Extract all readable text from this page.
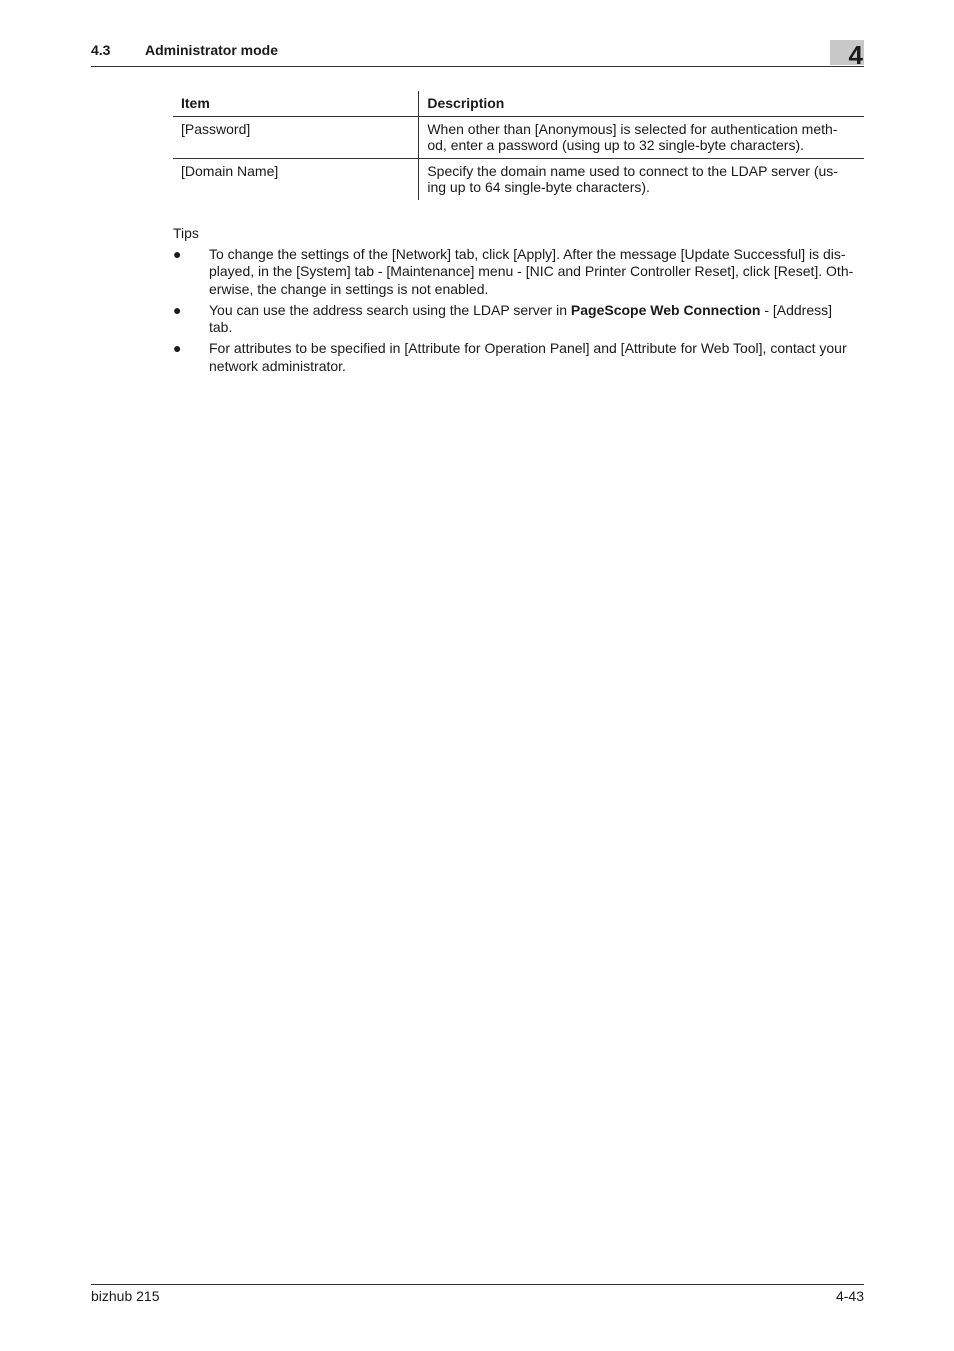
4.3 Administrator mode	4
Item	Description
[Password]	When other than [Anonymous] is selected for authentication meth-
od, enter a password (using up to 32 single-byte characters).
[Domain Name]	Specify the domain name used to connect to the LDAP server (us-
ing up to 64 single-byte characters).
Tips
● To change the settings of the [Network] tab, click [Apply]. After the message [Update Successful] is dis-
played, in the [System] tab - [Maintenance] menu - [NIC and Printer Controller Reset], click [Reset]. Oth-
erwise, the change in settings is not enabled.
● You can use the address search using the LDAP server in PageScope Web Connection - [Address]
tab.
● For attributes to be specified in [Attribute for Operation Panel] and [Attribute for Web Tool], contact your
network administrator.
bizhub 215	4-43
